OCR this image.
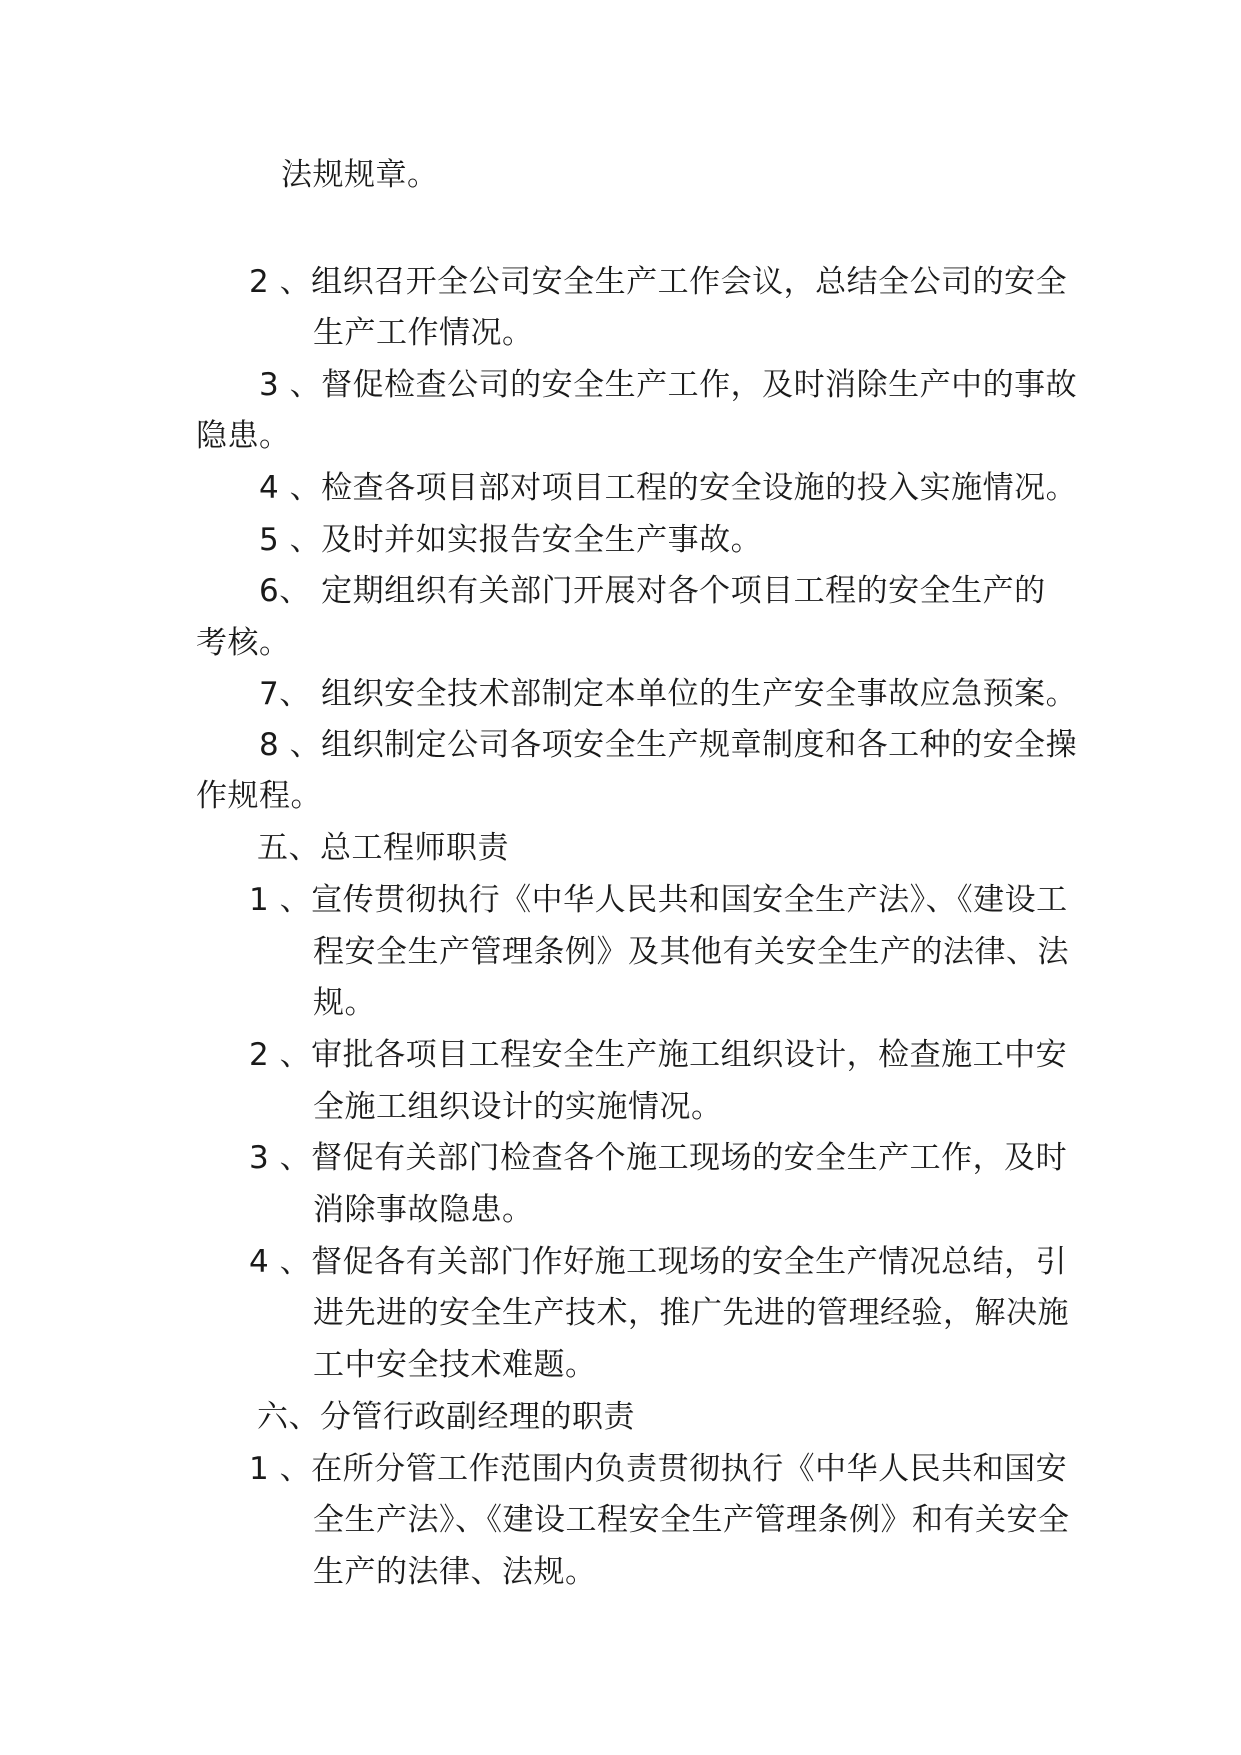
法规规章。
2 、组织召开全公司安全生产工作会议，总结全公司的安全
生产工作情况。
3 、督促检查公司的安全生产工作，及时消除生产中的事故
隐患。
4 、检查各项目部对项目工程的安全设施的投入实施情况。
5 、及时并如实报告安全生产事故。
6、 定期组织有关部门开展对各个项目工程的安全生产的
考核。
7、 组织安全技术部制定本单位的生产安全事故应急预案。
8 、组织制定公司各项安全生产规章制度和各工种的安全操
作规程。
五、总工程师职责
1 、宣传贯彻执行《中华人民共和国安全生产法》、《建设工
程安全生产管理条例》及其他有关安全生产的法律、法
规。
2 、审批各项目工程安全生产施工组织设计，检查施工中安
全施工组织设计的实施情况。
3 、督促有关部门检查各个施工现场的安全生产工作，及时
消除事故隐患。
4 、督促各有关部门作好施工现场的安全生产情况总结，引
进先进的安全生产技术，推广先进的管理经验，解决施
工中安全技术难题。
六、分管行政副经理的职责
1 、在所分管工作范围内负责贯彻执行《中华人民共和国安
全生产法》、《建设工程安全生产管理条例》和有关安全
生产的法律、法规。
